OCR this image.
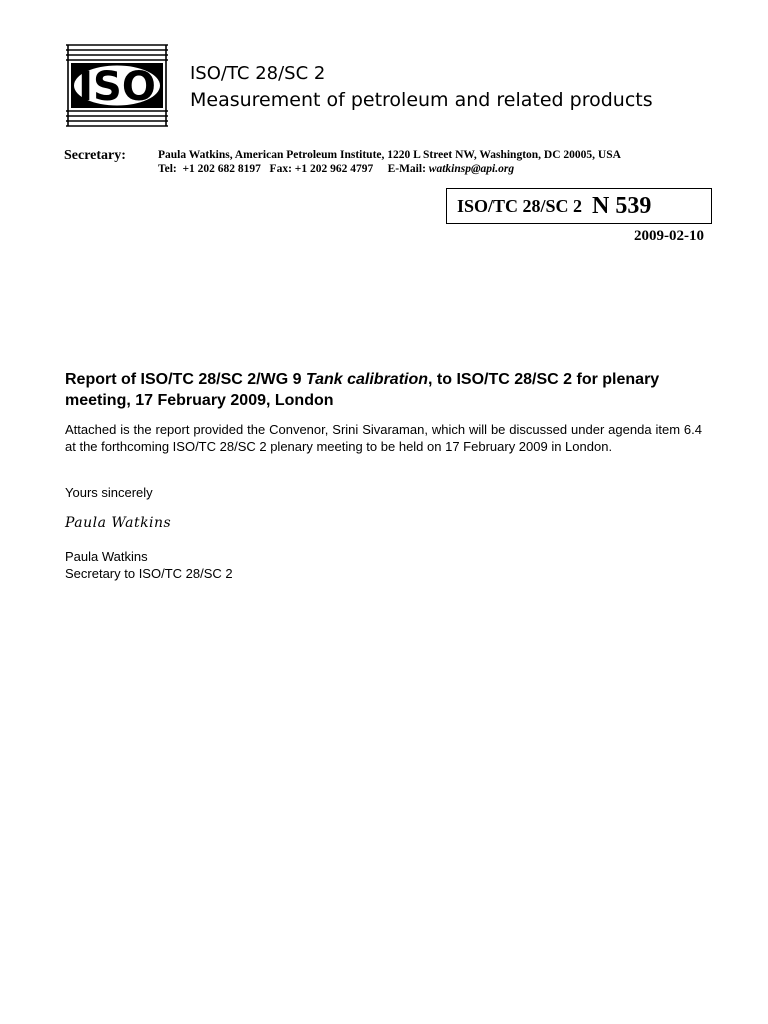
ISO ISO/TC 28/SC 2
Measurement of petroleum and related products
Secretary:	Paula Watkins, American Petroleum Institute, 1220 L Street NW, Washington, DC 20005, USA
Tel:  +1 202 682 8197   Fax: +1 202 962 4797     E-Mail: watkinsp@api.org
ISO/TC 28/SC 2 N 539
2009-02-10
Report of ISO/TC 28/SC 2/WG 9 Tank calibration, to ISO/TC 28/SC 2 for plenary meeting, 17 February 2009, London
Attached is the report provided the Convenor, Srini Sivaraman, which will be discussed under agenda item 6.4 at the forthcoming ISO/TC 28/SC 2 plenary meeting to be held on 17 February 2009 in London.
Yours sincerely
Paula Watkins
Paula Watkins
Secretary to ISO/TC 28/SC 2
